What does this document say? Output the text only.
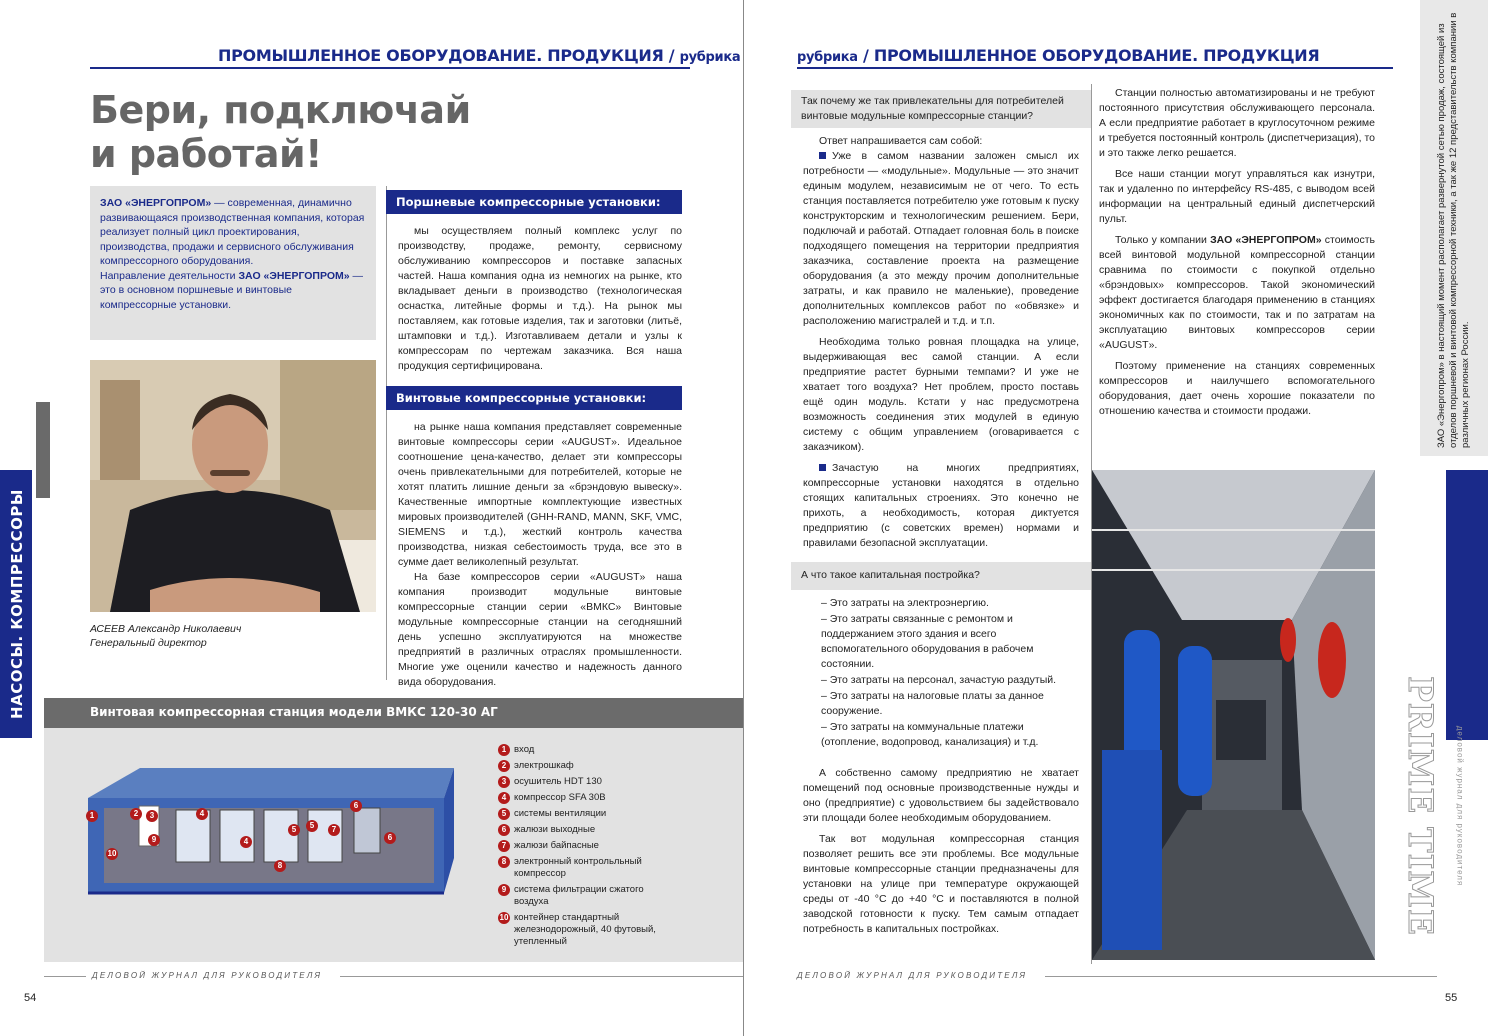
ПРОМЫШЛЕННОЕ ОБОРУДОВАНИЕ. ПРОДУКЦИЯ / рубрика
Бери, подключай
и работай!

ЗАО «ЭНЕРГОПРОМ» — современная, динамично развивающаяся производственная компания, которая реализует полный цикл проектирования, производства, продажи и сервисного обслуживания компрессорного оборудования.

Направление деятельности ЗАО «ЭНЕРГОПРОМ» — это в основном поршневые и винтовые компрессорные установки.

АСЕЕВ Александр Николаевич
Генеральный директор
НАСОСЫ. КОМПРЕССОРЫ
Поршневые компрессорные установки:

мы осуществляем полный комплекс услуг по производству, продаже, ремонту, сервисному обслуживанию компрессоров и поставке запасных частей. Наша компания одна из немногих на рынке, кто вкладывает деньги в производство (технологическая оснастка, литейные формы и т.д.). На рынок мы поставляем, как готовые изделия, так и заготовки (литьё, штамповки и т.д.). Изготавливаем детали и узлы к компрессорам по чертежам заказчика. Вся наша продукция сертифицирована.

Винтовые компрессорные установки:

на рынке наша компания представляет современные винтовые компрессоры серии «AUGUST». Идеальное соотношение цена-качество, делает эти компрессоры очень привлекательными для потребителей, которые не хотят платить лишние деньги за «брэндовую вывеску». Качественные импортные комплектующие известных мировых производителей (GHH-RAND, MANN, SKF, VMC, SIEMENS и т.д.), жесткий контроль качества производства, низкая себестоимость труда, все это в сумме дает великолепный результат.

На базе компрессоров серии «AUGUST» наша компания производит модульные винтовые компрессорные станции серии «ВМКС» Винтовые модульные компрессорные станции на сегодняшний день успешно эксплуатируются на множестве предприятий в различных отраслях промышленности. Многие уже оценили качество и надежность данного вида оборудования.

Винтовая компрессорная станция модели ВМКС 120-30 АГ
1	2	3	4
4
5	5
6
6
7
8
9
10
1 вход
2 электрошкаф
3 осушитель HDT 130
4 компрессор SFA 30B
5 системы вентиляции
6 жалюзи выходные
7 жалюзи байпасные
8 электронный контрольльный компрессор
9 система фильтрации сжатого воздуха
10 контейнер стандартный железнодорожный, 40 футовый, утепленный
ДЕЛОВОЙ ЖУРНАЛ ДЛЯ РУКОВОДИТЕЛЯ
54
рубрика / ПРОМЫШЛЕННОЕ ОБОРУДОВАНИЕ. ПРОДУКЦИЯ
Так почему же так привлекательны для потребителей винтовые модульные компрессорные станции?

Ответ напрашивается сам собой:

Уже в самом названии заложен смысл их потребности — «модульные». Модульные — это значит единым модулем, независимым не от чего. То есть станция поставляется потребителю уже готовым к пуску конструкторским и технологическим решением. Бери, подключай и работай. Отпадает головная боль в поиске подходящего помещения на территории предприятия заказчика, составление проекта на размещение оборудования (а это между прочим дополнительные затраты, и как правило не маленькие), проведение дополнительных комплексов работ по «обвязке» и расположению магистралей и т.д. и т.п.

Необходима только ровная площадка на улице, выдерживающая вес самой станции. А если предприятие растет бурными темпами? И уже не хватает того воздуха? Нет проблем, просто поставь ещё один модуль. Кстати у нас предусмотрена возможность соединения этих модулей в единую систему с общим управлением (оговаривается с заказчиком).

Зачастую на многих предприятиях, компрессорные установки находятся в отдельно стоящих капитальных строениях. Это конечно не прихоть, а необходимость, которая диктуется предприятию (с советских времен) нормами и правилами безопасной эксплуатации.

А что такое капитальная постройка?
– Это затраты на электроэнергию.
– Это затраты связанные с ремонтом и поддержанием этого здания и всего вспомогательного оборудования в рабочем состоянии.
– Это затраты на персонал, зачастую раздутый.
– Это затраты на налоговые платы за данное сооружение.
– Это затраты на коммунальные платежи (отопление, водопровод, канализация) и т.д.

А собственно самому предприятию не хватает помещений под основные производственные нужды и оно (предприятие) с удовольствием бы задействовало эти площади более необходимым оборудованием.

Так вот модульная компрессорная станция позволяет решить все эти проблемы. Все модульные винтовые компрессорные станции предназначены для установки на улице при температуре окружающей среды от -40 °С до +40 °С и поставляются в полной заводской готовности к пуску. Тем самым отпадает потребность в капитальных постройках.

Станции полностью автоматизированы и не требуют постоянного присутствия обслуживающего персонала. А если предприятие работает в круглосуточном режиме и требуется постоянный контроль (диспетчеризация), то и это также легко решается.

Все наши станции могут управляться как изнутри, так и удаленно по интерфейсу RS-485, с выводом всей информации на центральный единый диспетчерский пульт.

Только у компании ЗАО «ЭНЕРГОПРОМ» стоимость всей винтовой модульной компрессорной станции сравнима по стоимости с покупкой отдельно «брэндовых» компрессоров. Такой экономический эффект достигается благодаря применению в станциях экономичных как по стоимости, так и по затратам на эксплуатацию винтовых компрессоров серии «AUGUST».

Поэтому применение на станциях современных компрессоров и наилучшего вспомогательного оборудования, дает очень хорошие показатели по отношению качества и стоимости продажи.

ДЕЛОВОЙ ЖУРНАЛ ДЛЯ РУКОВОДИТЕЛЯ
55
ЗАО «Энергопром» в настоящий момент располагает развернутой сетью продаж, состоящей из отделов поршневой и винтовой компрессорной техники, а так же 12 представительств компании в различных регионах России.
PRIME TIME деловой журнал для руководителя
